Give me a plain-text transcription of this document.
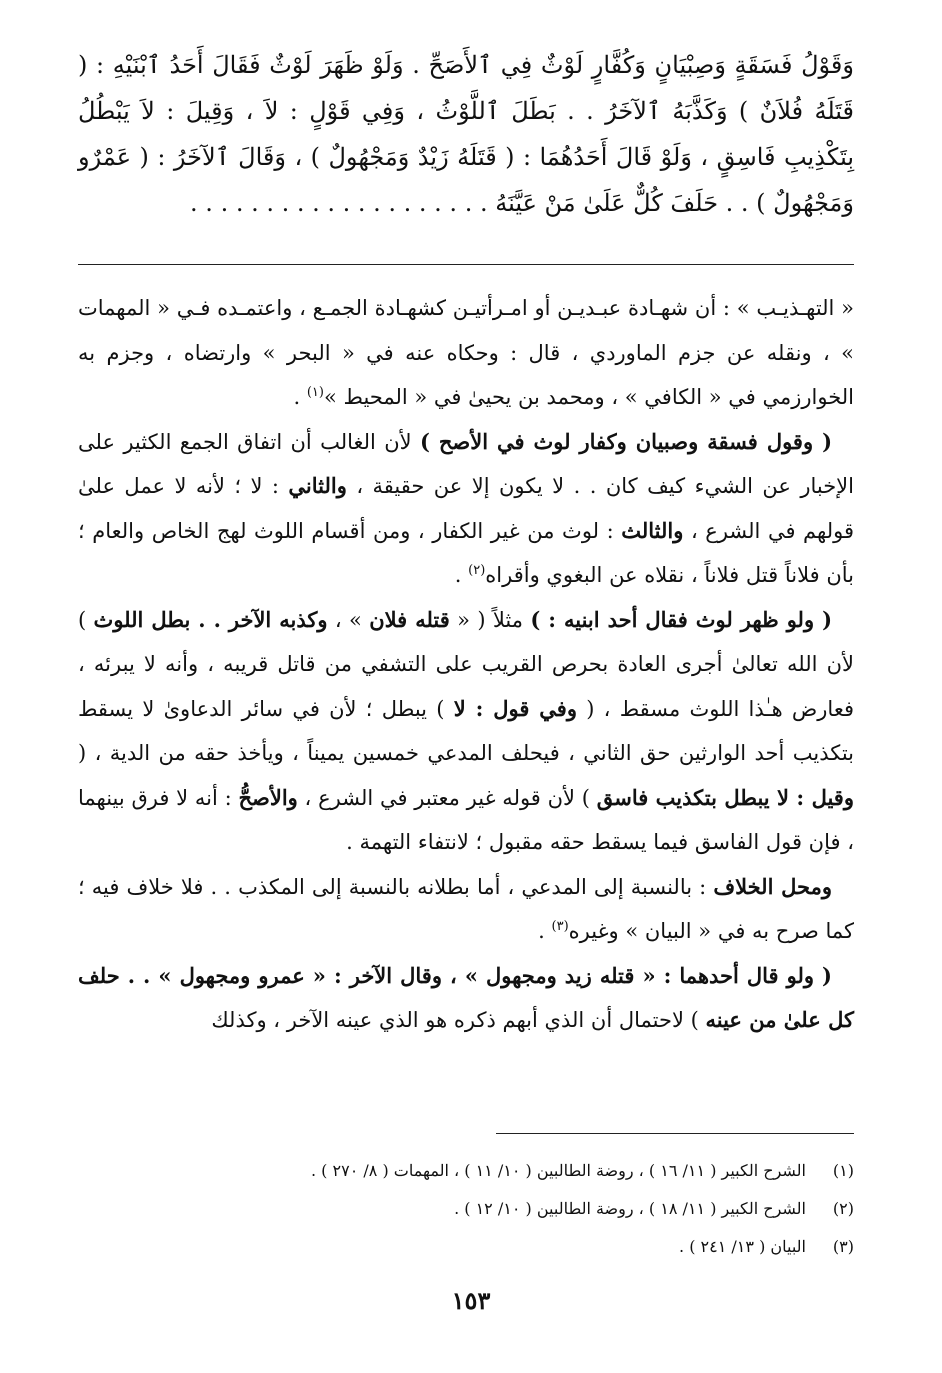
وَقَوْلُ فَسَقَةٍ وَصِبْيَانٍ وَكُفَّارٍ لَوْثٌ فِي ٱلأَصَحِّ . وَلَوْ ظَهَرَ لَوْثٌ فَقَالَ أَحَدُ ٱبْنَيْهِ : ( قَتَلَهُ فُلاَنٌ ) وَكَذَّبَهُ ٱلآخَرُ . . بَطَلَ ٱللَّوْثُ ، وَفِي قَوْلٍ : لاَ ، وَقِيلَ : لاَ يَبْطُلُ بِتَكْذِيبِ فَاسِقٍ ، وَلَوْ قَالَ أَحَدُهُمَا : ( قَتَلَهُ زَيْدٌ وَمَجْهُولٌ ) ، وَقَالَ ٱلآخَرُ : ( عَمْرٌو وَمَجْهُولٌ ) . . حَلَفَ كُلٌّ عَلَىٰ مَنْ عَيَّنَهُ . . . . . . . . . . . . . . . . . . . .

« التهـذيـب » : أن شهـادة عبـديـن أو امـرأتيـن كشهـادة الجمـع ، واعتمـده فـي « المهمات » ، ونقله عن جزم الماوردي ، قال : وحكاه عنه في « البحر » وارتضاه ، وجزم به الخوارزمي في « الكافي » ، ومحمد بن يحيىٰ في « المحيط »$^{(١)}$ .

( وقول فسقة وصبيان وكفار لوث في الأصح ) لأن الغالب أن اتفاق الجمع الكثير على الإخبار عن الشيء كيف كان . . لا يكون إلا عن حقيقة ، والثاني : لا ؛ لأنه لا عمل علىٰ قولهم في الشرع ، والثالث : لوث من غير الكفار ، ومن أقسام اللوث لهج الخاص والعام ؛ بأن فلاناً قتل فلاناً ، نقلاه عن البغوي وأقراه$^{(٢)}$ .

( ولو ظهر لوث فقال أحد ابنيه : ) مثلاً ( « قتله فلان » ، وكذبه الآخر . . بطل اللوث ) لأن الله تعالىٰ أجرى العادة بحرص القريب على التشفي من قاتل قريبه ، وأنه لا يبرئه ، فعارض هـٰذا اللوث مسقط ، ( وفي قول : لا ) يبطل ؛ لأن في سائر الدعاوىٰ لا يسقط بتكذيب أحد الوارثين حق الثاني ، فيحلف المدعي خمسين يميناً ، ويأخذ حقه من الدية ، ( وقيل : لا يبطل بتكذيب فاسق ) لأن قوله غير معتبر في الشرع ، والأصحُّ : أنه لا فرق بينهما ، فإن قول الفاسق فيما يسقط حقه مقبول ؛ لانتفاء التهمة .

ومحل الخلاف : بالنسبة إلى المدعي ، أما بطلانه بالنسبة إلى المكذب . . فلا خلاف فيه ؛ كما صرح به في « البيان » وغيره$^{(٣)}$ .

( ولو قال أحدهما : « قتله زيد ومجهول » ، وقال الآخر : « عمرو ومجهول » . . حلف كل علىٰ من عينه ) لاحتمال أن الذي أبهم ذكره هو الذي عينه الآخر ، وكذلك

(١)
الشرح الكبير ( ١١/ ١٦ ) ، روضة الطالبين ( ١٠/ ١١ ) ، المهمات ( ٨/ ٢٧٠ ) .
(٢)
الشرح الكبير ( ١١/ ١٨ ) ، روضة الطالبين ( ١٠/ ١٢ ) .
(٣)
البيان ( ١٣/ ٢٤١ ) .
١٥٣
